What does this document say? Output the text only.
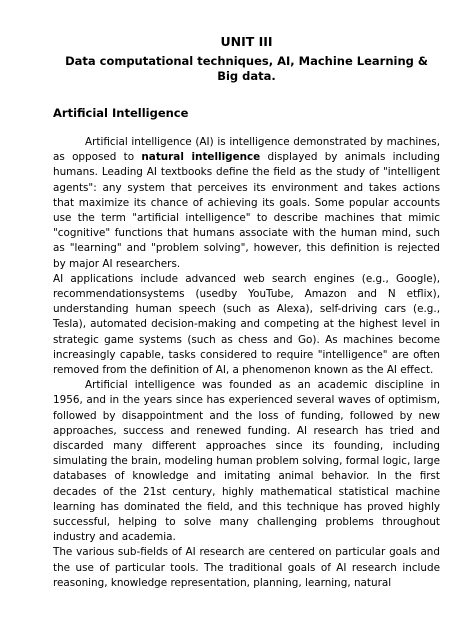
UNIT III
Data computational techniques, AI, Machine Learning & Big data.
Artificial Intelligence

Artificial intelligence (AI) is intelligence demonstrated by machines, as opposed to natural intelligence displayed by animals including humans. Leading AI textbooks define the field as the study of "intelligent agents": any system that perceives its environment and takes actions that maximize its chance of achieving its goals. Some popular accounts use the term "artificial intelligence" to describe machines that mimic "cognitive" functions that humans associate with the human mind, such as "learning" and "problem solving", however, this definition is rejected by major AI researchers.

AI applications include advanced web search engines (e.g., Google), recommendationsystems (usedby YouTube, Amazon and N etflix), understanding human speech (such as Alexa), self-driving cars (e.g., Tesla), automated decision-making and competing at the highest level in strategic game systems (such as chess and Go). As machines become increasingly capable, tasks considered to require "intelligence" are often removed from the definition of AI, a phenomenon known as the AI effect.

Artificial intelligence was founded as an academic discipline in 1956, and in the years since has experienced several waves of optimism, followed by disappointment and the loss of funding, followed by new approaches, success and renewed funding. AI research has tried and discarded many different approaches since its founding, including simulating the brain, modeling human problem solving, formal logic, large databases of knowledge and imitating animal behavior. In the first decades of the 21st century, highly mathematical statistical machine learning has dominated the field, and this technique has proved highly successful, helping to solve many challenging problems throughout industry and academia.

The various sub-fields of AI research are centered on particular goals and the use of particular tools. The traditional goals of AI research include reasoning, knowledge representation, planning, learning, natural
